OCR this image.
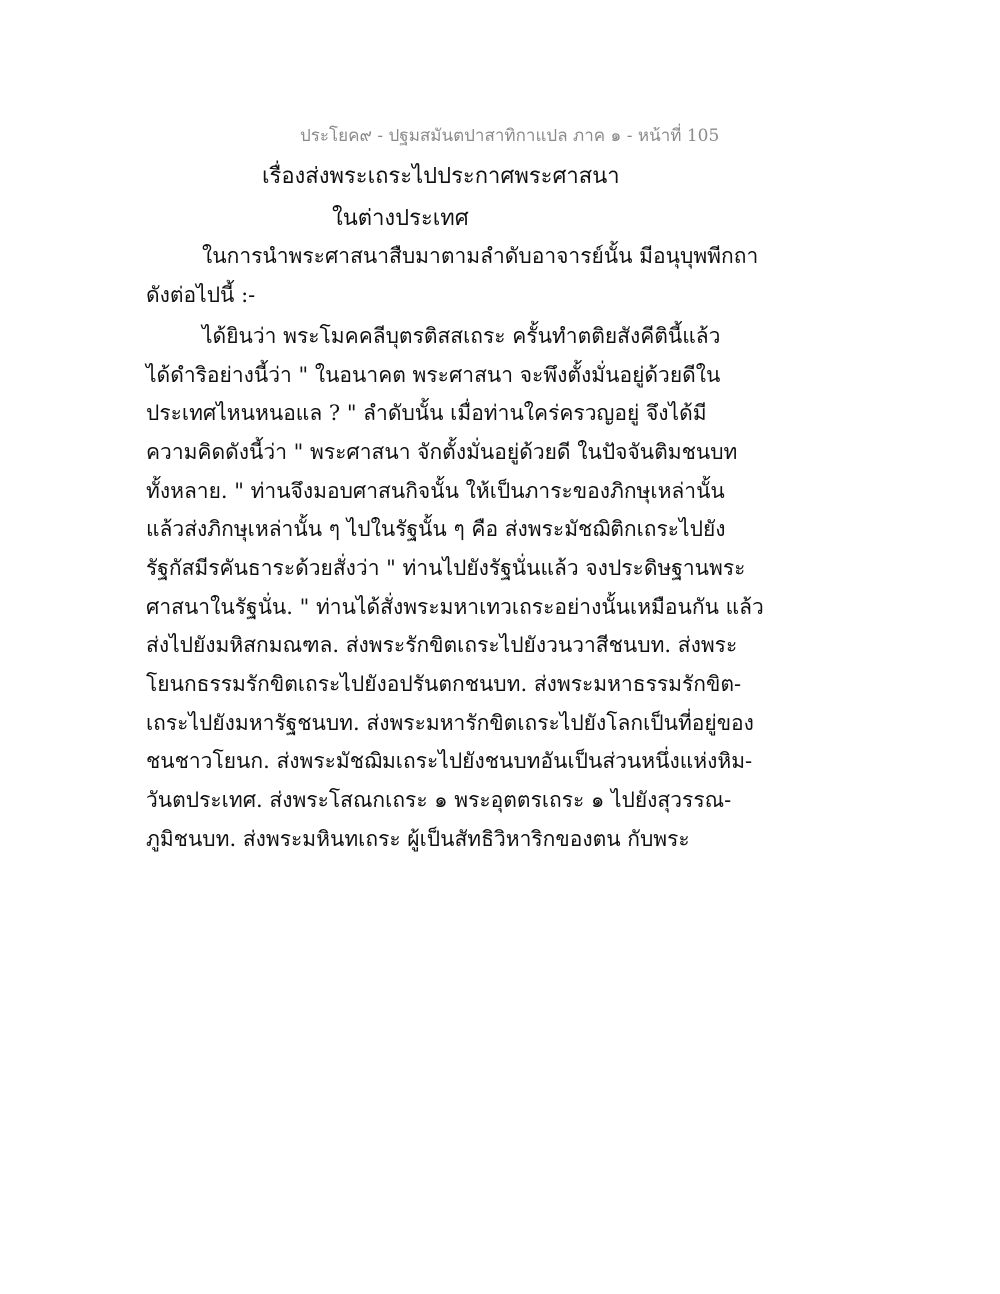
ประโยค๙ - ปฐมสมันตปาสาทิกาแปล ภาค ๑ - หน้าที่ 105
เรื่องส่งพระเถระไปประกาศพระศาสนา
ในต่างประเทศ
ในการนำพระศาสนาสืบมาตามลำดับอาจารย์นั้น มีอนุบุพพีกถา
ดังต่อไปนี้ :-
ได้ยินว่า พระโมคคลีบุตรติสสเถระ ครั้นทำตติยสังคีตินี้แล้ว
ได้ดำริอย่างนี้ว่า " ในอนาคต พระศาสนา จะพึงตั้งมั่นอยู่ด้วยดีใน
ประเทศไหนหนอแล ? " ลำดับนั้น เมื่อท่านใคร่ครวญอยู่ จึงได้มี
ความคิดดังนี้ว่า " พระศาสนา จักตั้งมั่นอยู่ด้วยดี ในปัจจันติมชนบท
ทั้งหลาย. " ท่านจึงมอบศาสนกิจนั้น ให้เป็นภาระของภิกษุเหล่านั้น
แล้วส่งภิกษุเหล่านั้น ๆ ไปในรัฐนั้น ๆ คือ ส่งพระมัชฌิติกเถระไปยัง
รัฐกัสมีรคันธาระด้วยสั่งว่า " ท่านไปยังรัฐนั่นแล้ว จงประดิษฐานพระ
ศาสนาในรัฐนั่น. " ท่านได้สั่งพระมหาเทวเถระอย่างนั้นเหมือนกัน แล้ว
ส่งไปยังมหิสกมณฑล. ส่งพระรักขิตเถระไปยังวนวาสีชนบท. ส่งพระ
โยนกธรรมรักขิตเถระไปยังอปรันตกชนบท. ส่งพระมหาธรรมรักขิต-
เถระไปยังมหารัฐชนบท. ส่งพระมหารักขิตเถระไปยังโลกเป็นที่อยู่ของ
ชนชาวโยนก. ส่งพระมัชฌิมเถระไปยังชนบทอันเป็นส่วนหนึ่งแห่งหิม-
วันตประเทศ. ส่งพระโสณกเถระ ๑ พระอุตตรเถระ ๑ ไปยังสุวรรณ-
ภูมิชนบท. ส่งพระมหินทเถระ ผู้เป็นสัทธิวิหาริกของตน กับพระ
